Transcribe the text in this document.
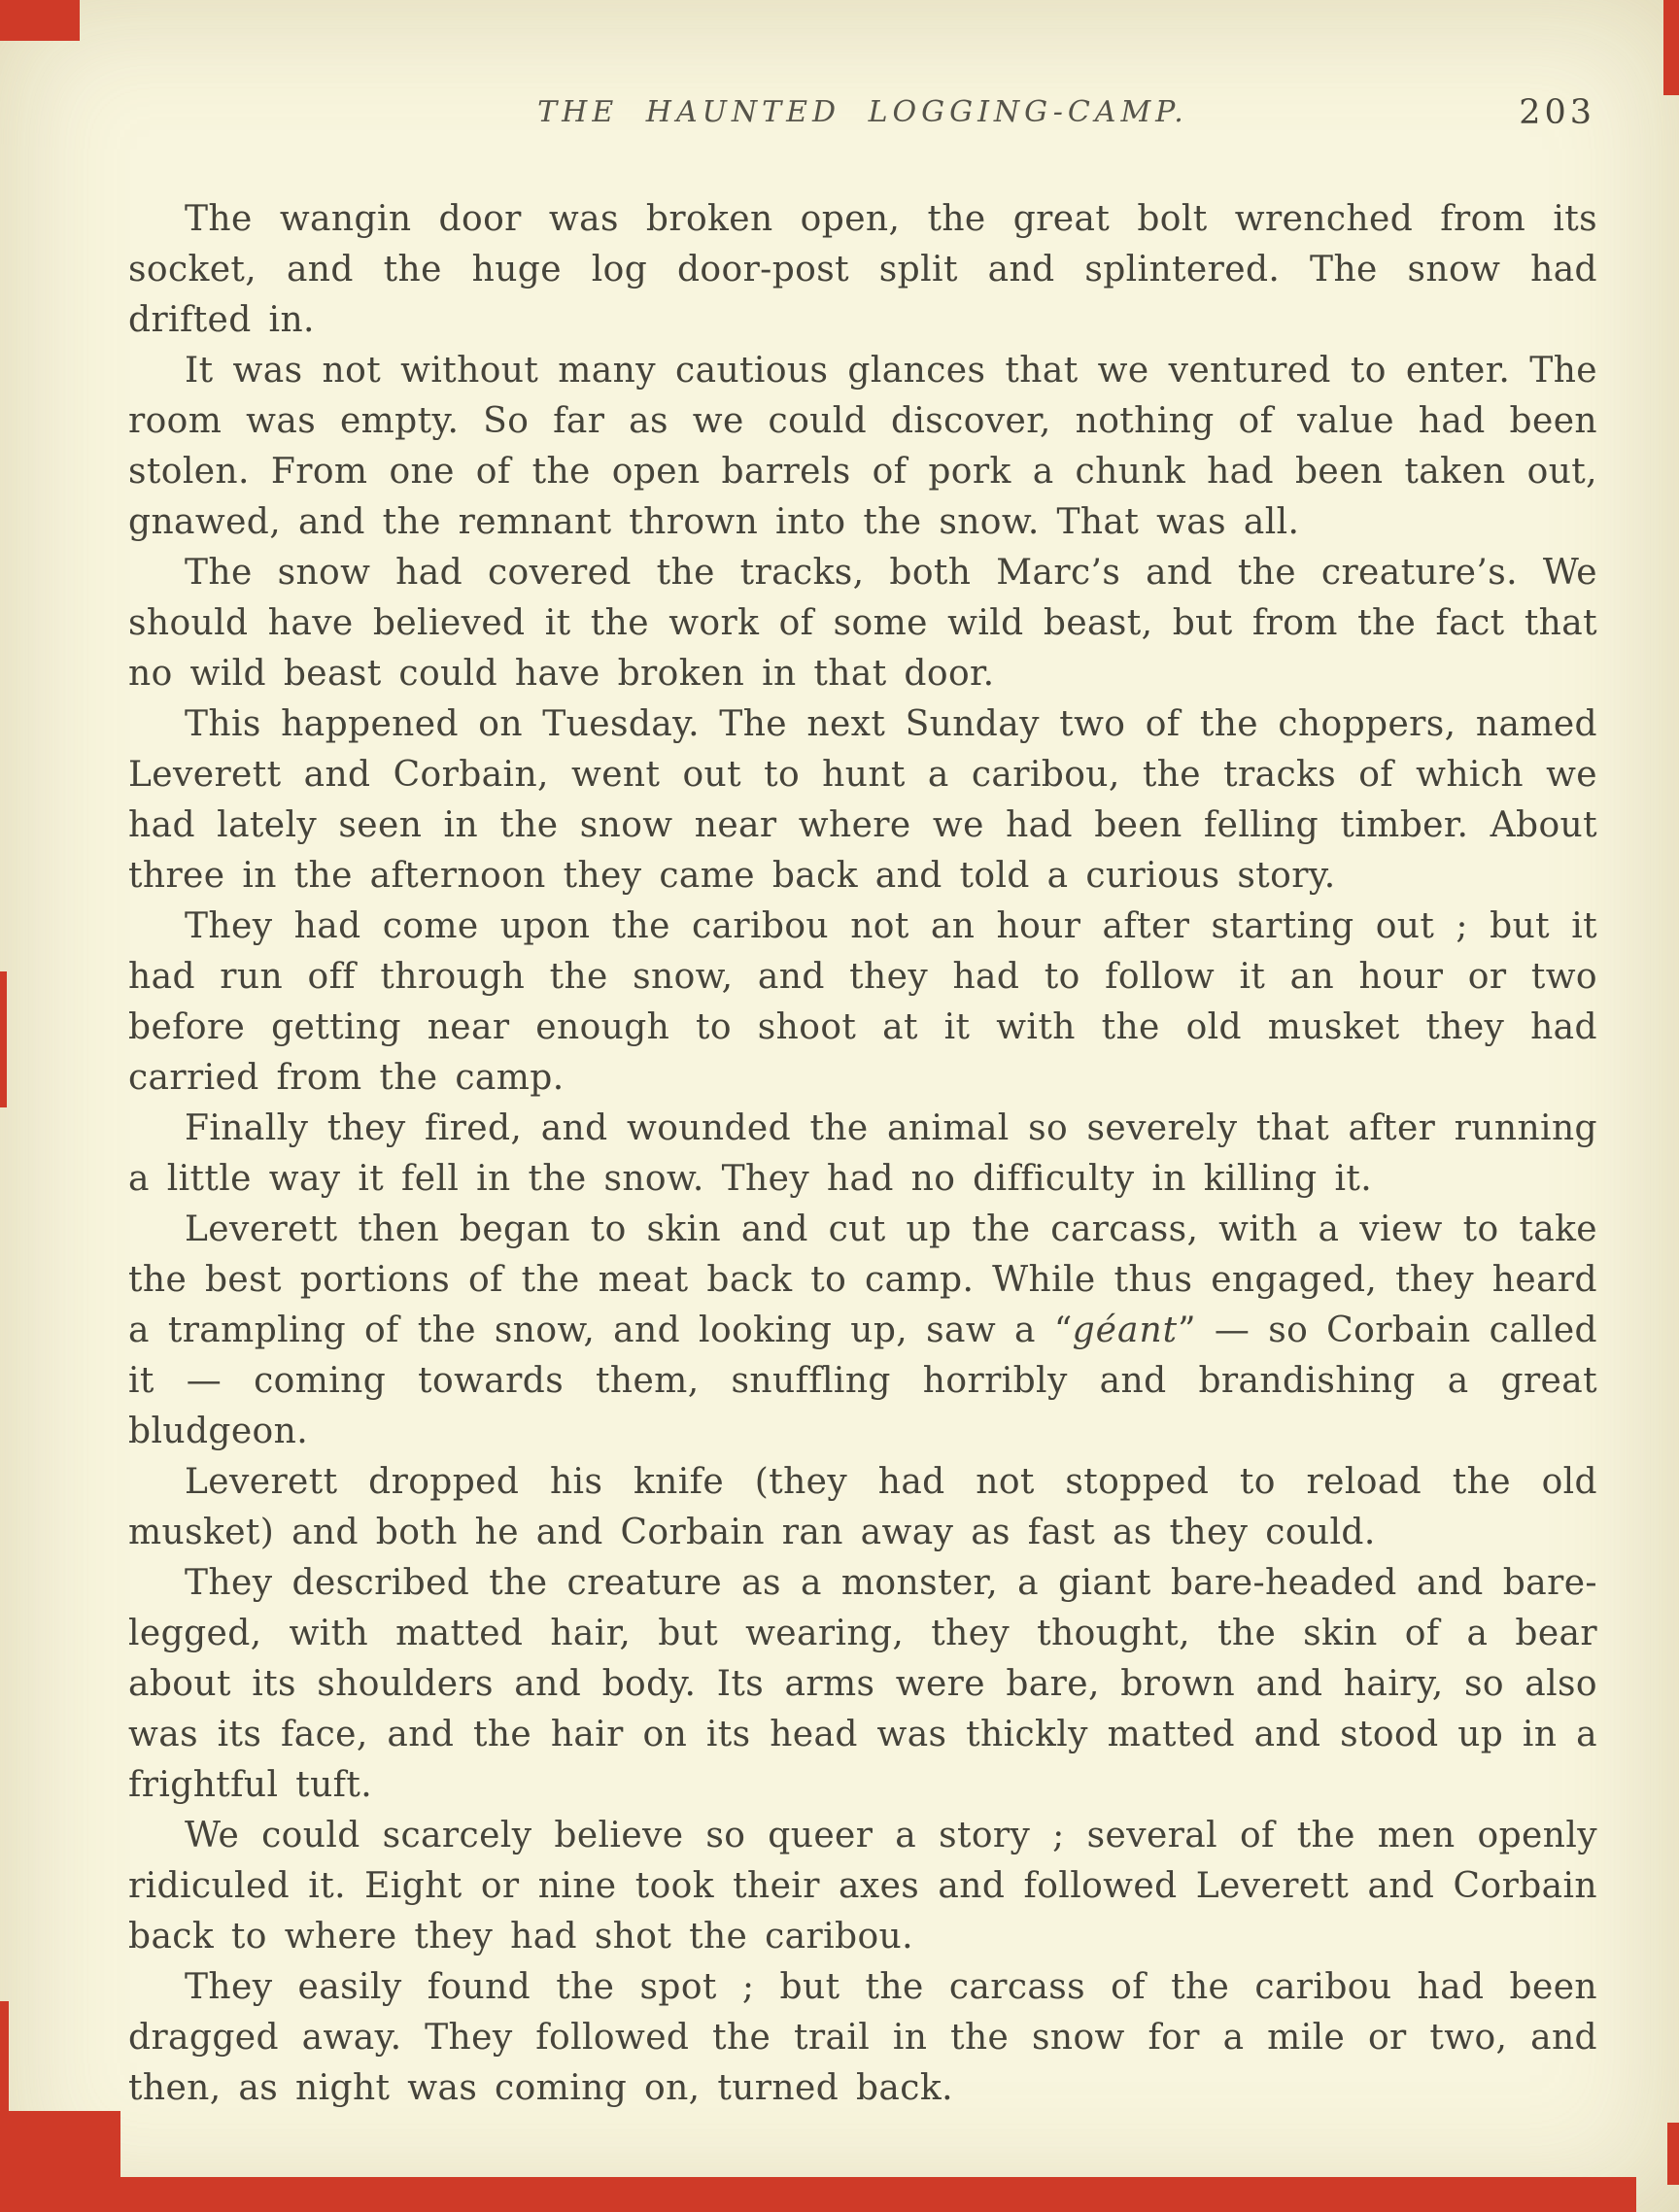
THE HAUNTED LOGGING-CAMP.	203

The wangin door was broken open, the great bolt wrenched from its socket, and the huge log door-post split and splintered. The snow had drifted in.

It was not without many cautious glances that we ventured to enter. The room was empty. So far as we could discover, nothing of value had been stolen. From one of the open barrels of pork a chunk had been taken out, gnawed, and the remnant thrown into the snow. That was all.

The snow had covered the tracks, both Marc’s and the creature’s. We should have believed it the work of some wild beast, but from the fact that no wild beast could have broken in that door.

This happened on Tuesday. The next Sunday two of the choppers, named Leverett and Corbain, went out to hunt a caribou, the tracks of which we had lately seen in the snow near where we had been felling timber. About three in the afternoon they came back and told a curious story.

They had come upon the caribou not an hour after starting out ; but it had run off through the snow, and they had to follow it an hour or two before getting near enough to shoot at it with the old musket they had carried from the camp.

Finally they fired, and wounded the animal so severely that after running a little way it fell in the snow. They had no difficulty in killing it.

Leverett then began to skin and cut up the carcass, with a view to take the best portions of the meat back to camp. While thus engaged, they heard a trampling of the snow, and looking up, saw a “géant” — so Corbain called it — coming towards them, snuffling horribly and brandishing a great bludgeon.

Leverett dropped his knife (they had not stopped to reload the old musket) and both he and Corbain ran away as fast as they could.

They described the creature as a monster, a giant bare-headed and bare-legged, with matted hair, but wearing, they thought, the skin of a bear about its shoulders and body. Its arms were bare, brown and hairy, so also was its face, and the hair on its head was thickly matted and stood up in a frightful tuft.

We could scarcely believe so queer a story ; several of the men openly ridiculed it. Eight or nine took their axes and followed Leverett and Corbain back to where they had shot the caribou.

They easily found the spot ; but the carcass of the caribou had been dragged away. They followed the trail in the snow for a mile or two, and then, as night was coming on, turned back.
